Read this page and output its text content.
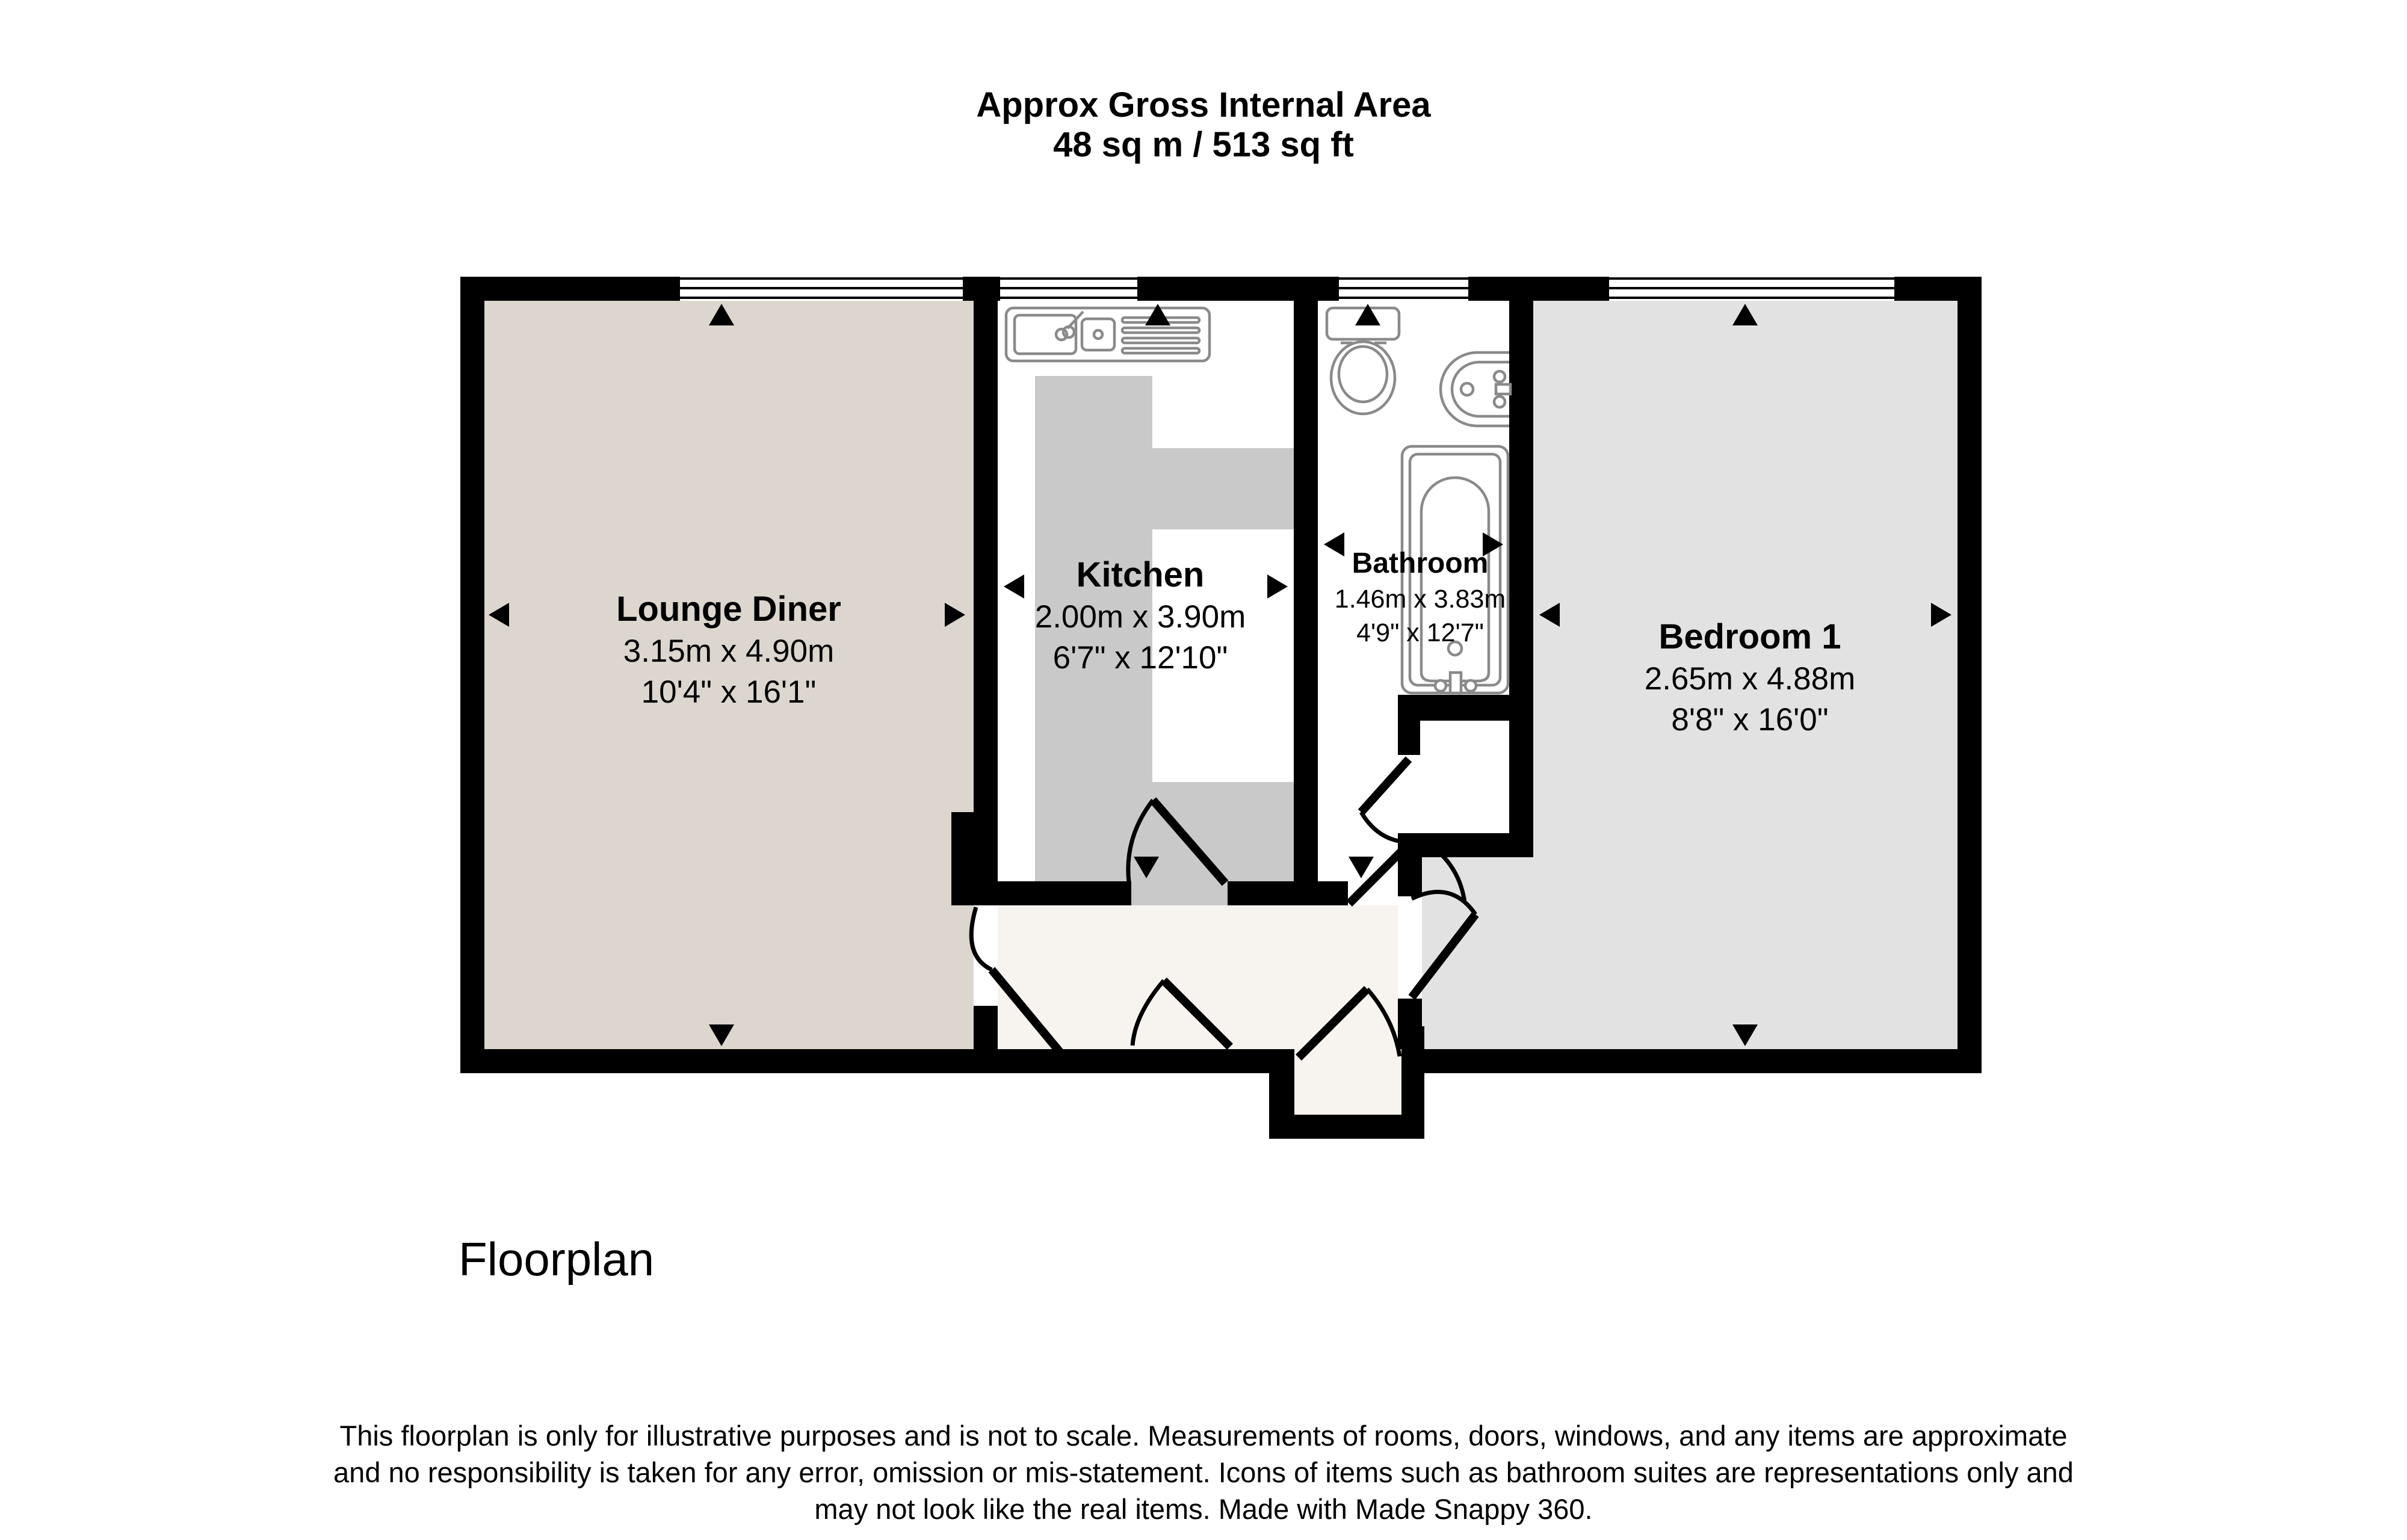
Approx Gross Internal Area
48 sq m / 513 sq ft
Lounge Diner
3.15m x 4.90m
10'4" x 16'1"
Kitchen
2.00m x 3.90m
6'7" x 12'10"
Bathroom
1.46m x 3.83m
4'9" x 12'7"	Bedroom 1
2.65m x 4.88m
8'8" x 16'0"
Floorplan
This floorplan is only for illustrative purposes and is not to scale. Measurements of rooms, doors, windows, and any items are approximate
and no responsibility is taken for any error, omission or mis-statement. Icons of items such as bathroom suites are representations only and
may not look like the real items. Made with Made Snappy 360.
